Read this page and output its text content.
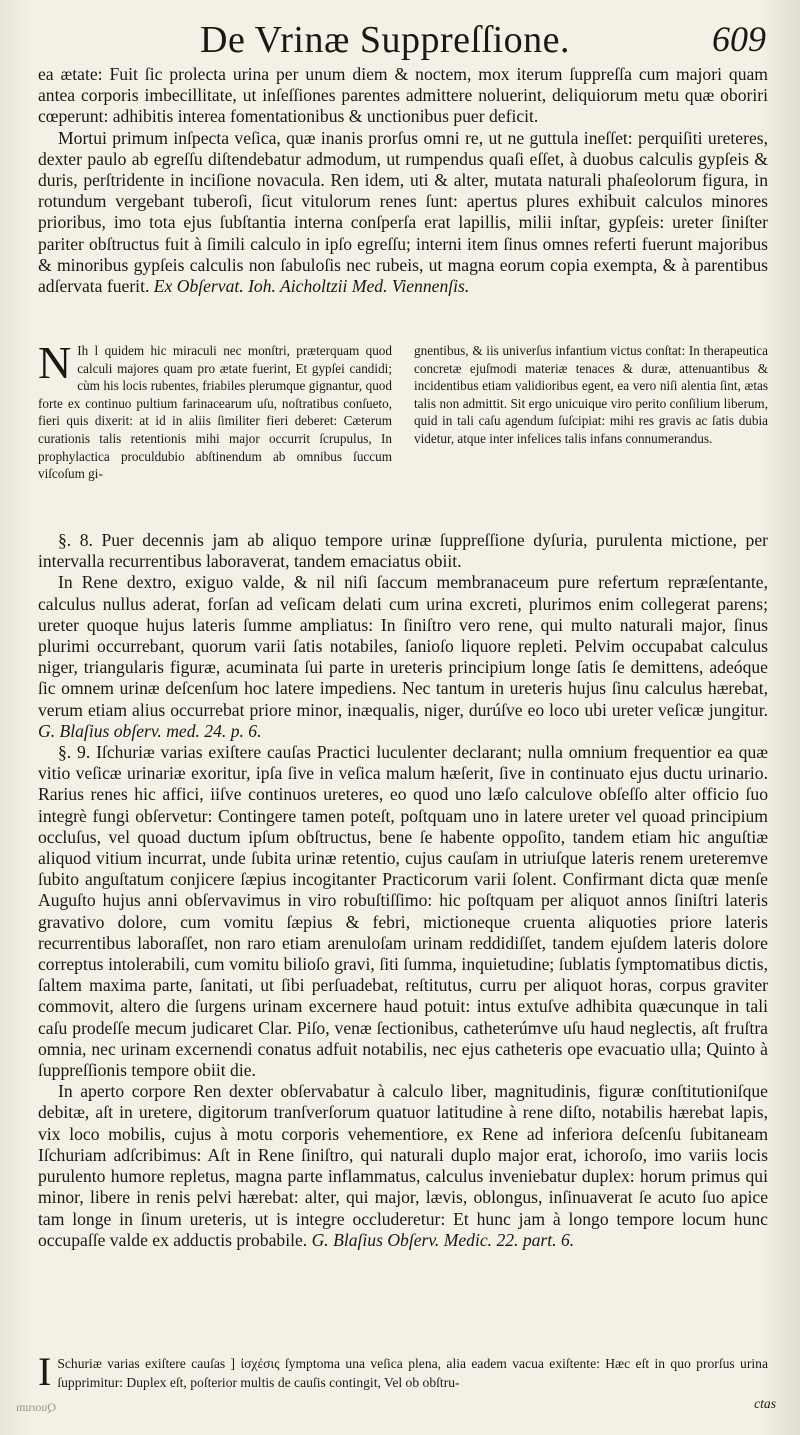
De Vrinæ Suppreſſione.	609

ea ætate: Fuit ſic prolecta urina per unum diem & noctem, mox iterum ſuppreſſa cum majori quam antea corporis imbecillitate, ut inſeſſiones parentes admittere noluerint, deliquiorum metu quæ oboriri cœperunt: adhibitis interea fomentationibus & unctionibus puer deficit.

Mortui primum inſpecta veſica, quæ inanis prorſus omni re, ut ne guttula ineſſet: perquiſiti ureteres, dexter paulo ab egreſſu diſtendebatur admodum, ut rumpendus quaſi eſſet, à duobus calculis gypſeis & duris, perſtridente in inciſione novacula. Ren idem, uti & alter, mutata naturali phaſeolorum figura, in rotundum vergebant tuberoſi, ſicut vitulorum renes ſunt: apertus plures exhibuit calculos minores prioribus, imo tota ejus ſubſtantia interna conſperſa erat lapillis, milii inſtar, gypſeis: ureter ſiniſter pariter obſtructus fuit à ſimili calculo in ipſo egreſſu; interni item ſinus omnes referti fuerunt majoribus & minoribus gypſeis calculis non ſabuloſis nec rubeis, ut magna eorum copia exempta, & à parentibus adſervata fuerit. Ex Obſervat. Ioh. Aicholtzii Med. Viennenſis.

N Ih l quidem hic miraculi nec monſtri, præterquam quod calculi majores quam pro ætate fuerint, Et gypſei candidi; cùm his locis rubentes, friabiles plerumque gignantur, quod forte ex continuo pultium farinacearum uſu, noſtratibus conſueto, fieri quis dixerit: at id in aliis ſimiliter fieri deberet: Cæterum curationis talis retentionis mihi major occurrit ſcrupulus, In prophylactica proculdubio abſtinendum ab omnibus ſuccum viſcoſum gi-

gnentibus, & iis univerſus infantium victus conſtat: In therapeutica concretæ ejuſmodi materiæ tenaces & duræ, attenuantibus & incidentibus etiam validioribus egent, ea vero niſi alentia ſint, ætas talis non admittit. Sit ergo unicuique viro perito conſilium liberum, quid in tali caſu agendum ſuſcipiat: mihi res gravis ac ſatis dubia videtur, atque inter infelices talis infans connumerandus.

§. 8. Puer decennis jam ab aliquo tempore urinæ ſuppreſſione dyſuria, purulenta mictione, per intervalla recurrentibus laboraverat, tandem emaciatus obiit.

In Rene dextro, exiguo valde, & nil niſi ſaccum membranaceum pure refertum repræſentante, calculus nullus aderat, forſan ad veſicam delati cum urina excreti, plurimos enim collegerat parens; ureter quoque hujus lateris ſumme ampliatus: In ſiniſtro vero rene, qui multo naturali major, ſinus plurimi occurrebant, quorum varii ſatis notabiles, ſanioſo liquore repleti. Pelvim occupabat calculus niger, triangularis figuræ, acuminata ſui parte in ureteris principium longe ſatis ſe demittens, adeóque ſic omnem urinæ deſcenſum hoc latere impediens. Nec tantum in ureteris hujus ſinu calculus hærebat, verum etiam alius occurrebat priore minor, inæqualis, niger, durúſve eo loco ubi ureter veſicæ jungitur. G. Blaſius obſerv. med. 24. p. 6.

§. 9. Iſchuriæ varias exiſtere cauſas Practici luculenter declarant; nulla omnium frequentior ea quæ vitio veſicæ urinariæ exoritur, ipſa ſive in veſica malum hæſerit, ſive in continuato ejus ductu urinario. Rarius renes hic affici, iiſve continuos ureteres, eo quod uno læſo calculove obſeſſo alter officio ſuo integrè fungi obſervetur: Contingere tamen poteſt, poſtquam uno in latere ureter vel quoad principium occluſus, vel quoad ductum ipſum obſtructus, bene ſe habente oppoſito, tandem etiam hic anguſtiæ aliquod vitium incurrat, unde ſubita urinæ retentio, cujus cauſam in utriuſque lateris renem ureteremve ſubito anguſtatum conjicere ſæpius incogitanter Practicorum varii ſolent. Confirmant dicta quæ menſe Auguſto hujus anni obſervavimus in viro robuſtiſſimo: hic poſtquam per aliquot annos ſiniſtri lateris gravativo dolore, cum vomitu ſæpius & febri, mictioneque cruenta aliquoties priore lateris recurrentibus laboraſſet, non raro etiam arenuloſam urinam reddidiſſet, tandem ejuſdem lateris dolore correptus intolerabili, cum vomitu bilioſo gravi, ſiti ſumma, inquietudine; ſublatis ſymptomatibus dictis, ſaltem maxima parte, ſanitati, ut ſibi perſuadebat, reſtitutus, curru per aliquot horas, corpus graviter commovit, altero die ſurgens urinam excernere haud potuit: intus extuſve adhibita quæcunque in tali caſu prodeſſe mecum judicaret Clar. Piſo, venæ ſectionibus, catheterúmve uſu haud neglectis, aſt fruſtra omnia, nec urinam excernendi conatus adfuit notabilis, nec ejus catheteris ope evacuatio ulla; Quinto à ſuppreſſionis tempore obiit die.

In aperto corpore Ren dexter obſervabatur à calculo liber, magnitudinis, figuræ conſtitutioniſque debitæ, aſt in uretere, digitorum tranſverſorum quatuor latitudine à rene diſto, notabilis hærebat lapis, vix loco mobilis, cujus à motu corporis vehementiore, ex Rene ad inferiora deſcenſu ſubitaneam Iſchuriam adſcribimus: Aſt in Rene ſiniſtro, qui naturali duplo major erat, ichoroſo, imo variis locis purulento humore repletus, magna parte inflammatus, calculus inveniebatur duplex: horum primus qui minor, libere in renis pelvi hærebat: alter, qui major, lævis, oblongus, inſinuaverat ſe acuto ſuo apice tam longe in ſinum ureteris, ut is integre occluderetur: Et hunc jam à longo tempore locum hunc occupaſſe valde ex adductis probabile. G. Blaſius Obſerv. Medic. 22. part. 6.

I Schuriæ varias exiſtere cauſas ] ἰσχέσις ſymptoma una veſica plena, alia eadem vacua exiſtente: Hæc eſt in quo prorſus urina ſupprimitur: Duplex eſt, poſterior multis de cauſis contingit, Vel ob obſtru-
ctas
Quorum
